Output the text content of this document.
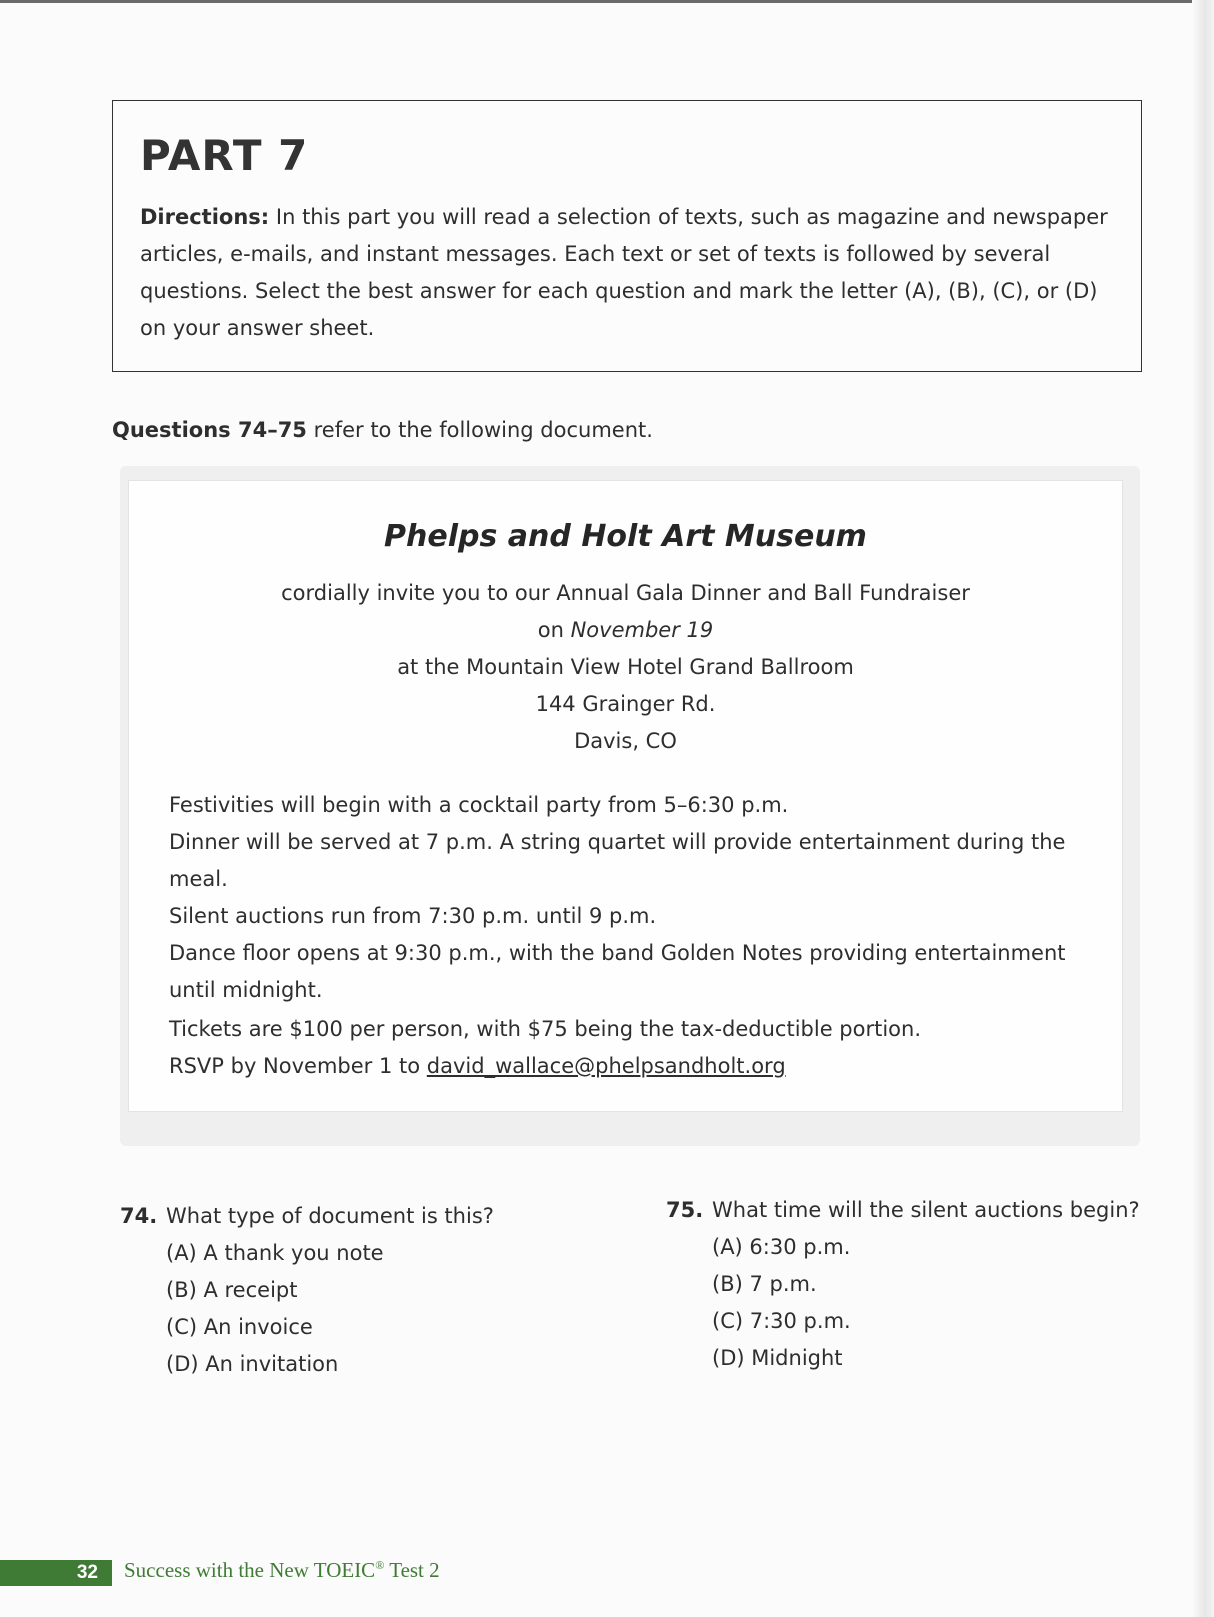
PART 7

Directions: In this part you will read a selection of texts, such as magazine and newspaper articles, e-mails, and instant messages. Each text or set of texts is followed by several questions. Select the best answer for each question and mark the letter (A), (B), (C), or (D) on your answer sheet.

Questions 74–75 refer to the following document.

Phelps and Holt Art Museum
cordially invite you to our Annual Gala Dinner and Ball Fundraiser
on November 19
at the Mountain View Hotel Grand Ballroom
144 Grainger Rd.
Davis, CO
Festivities will begin with a cocktail party from 5–6:30 p.m.
Dinner will be served at 7 p.m. A string quartet will provide entertainment during the meal.
Silent auctions run from 7:30 p.m. until 9 p.m.
Dance floor opens at 9:30 p.m., with the band Golden Notes providing entertainment until midnight.
Tickets are $100 per person, with $75 being the tax-deductible portion.
RSVP by November 1 to david_wallace@phelpsandholt.org
74. What type of document is this?
(A) A thank you note
(B) A receipt
(C) An invoice
(D) An invitation
75. What time will the silent auctions begin?
(A) 6:30 p.m.
(B) 7 p.m.
(C) 7:30 p.m.
(D) Midnight
32	Success with the New TOEIC® Test 2
